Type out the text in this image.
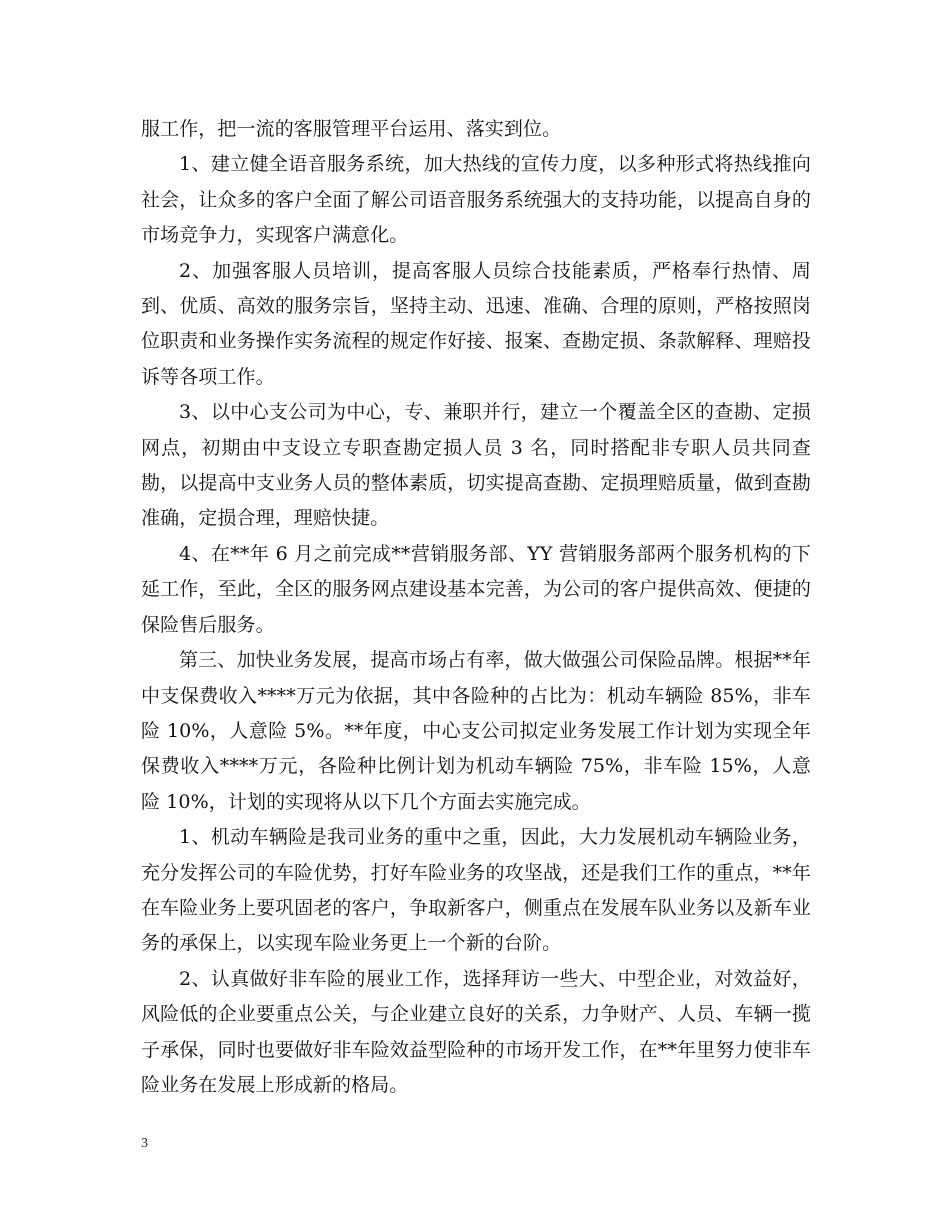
服工作，把一流的客服管理平台运用、落实到位。

1、建立健全语音服务系统，加大热线的宣传力度，以多种形式将热线推向社会，让众多的客户全面了解公司语音服务系统强大的支持功能，以提高自身的市场竞争力，实现客户满意化。

2、加强客服人员培训，提高客服人员综合技能素质，严格奉行热情、周到、优质、高效的服务宗旨，坚持主动、迅速、准确、合理的原则，严格按照岗位职责和业务操作实务流程的规定作好接、报案、查勘定损、条款解释、理赔投诉等各项工作。

3、以中心支公司为中心，专、兼职并行，建立一个覆盖全区的查勘、定损网点，初期由中支设立专职查勘定损人员 3 名，同时搭配非专职人员共同查勘，以提高中支业务人员的整体素质，切实提高查勘、定损理赔质量，做到查勘准确，定损合理，理赔快捷。

4、在**年 6 月之前完成**营销服务部、YY 营销服务部两个服务机构的下延工作，至此，全区的服务网点建设基本完善，为公司的客户提供高效、便捷的保险售后服务。

第三、加快业务发展，提高市场占有率，做大做强公司保险品牌。根据**年中支保费收入****万元为依据，其中各险种的占比为：机动车辆险 85%，非车险 10%，人意险 5%。**年度，中心支公司拟定业务发展工作计划为实现全年保费收入****万元，各险种比例计划为机动车辆险 75%，非车险 15%，人意险 10%，计划的实现将从以下几个方面去实施完成。

1、机动车辆险是我司业务的重中之重，因此，大力发展机动车辆险业务，充分发挥公司的车险优势，打好车险业务的攻坚战，还是我们工作的重点，**年在车险业务上要巩固老的客户，争取新客户，侧重点在发展车队业务以及新车业务的承保上，以实现车险业务更上一个新的台阶。

2、认真做好非车险的展业工作，选择拜访一些大、中型企业，对效益好，风险低的企业要重点公关，与企业建立良好的关系，力争财产、人员、车辆一揽子承保，同时也要做好非车险效益型险种的市场开发工作，在**年里努力使非车险业务在发展上形成新的格局。

3
